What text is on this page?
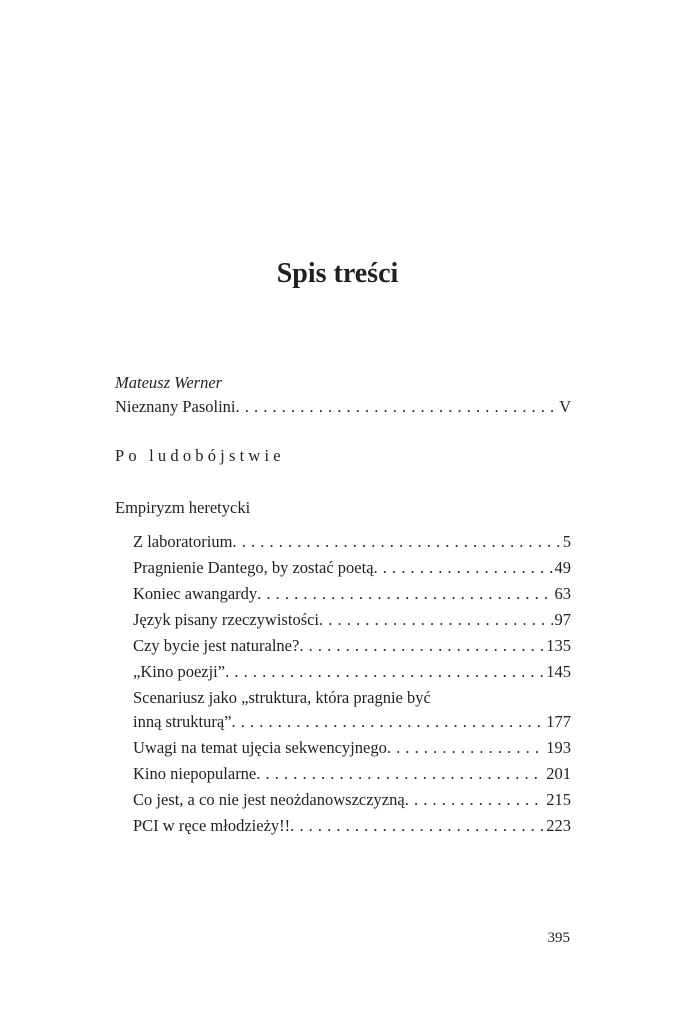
Spis treści
Mateusz Werner
Nieznany Pasolini . . .	V
Po ludobójstwie
Empiryzm heretycki
Z laboratorium . . .	5
Pragnienie Dantego, by zostać poetą . . .	49
Koniec awangardy . . .	63
Język pisany rzeczywistości . . .	97
Czy bycie jest naturalne? . . .	135
„Kino poezji” . . .	145
Scenariusz jako „struktura, która pragnie być
inną strukturą” . . .	177
Uwagi na temat ujęcia sekwencyjnego . . .	193
Kino niepopularne . . .	201
Co jest, a co nie jest neożdanowszczyzną . . .	215
PCI w ręce młodzieży!! . . .	223
395
